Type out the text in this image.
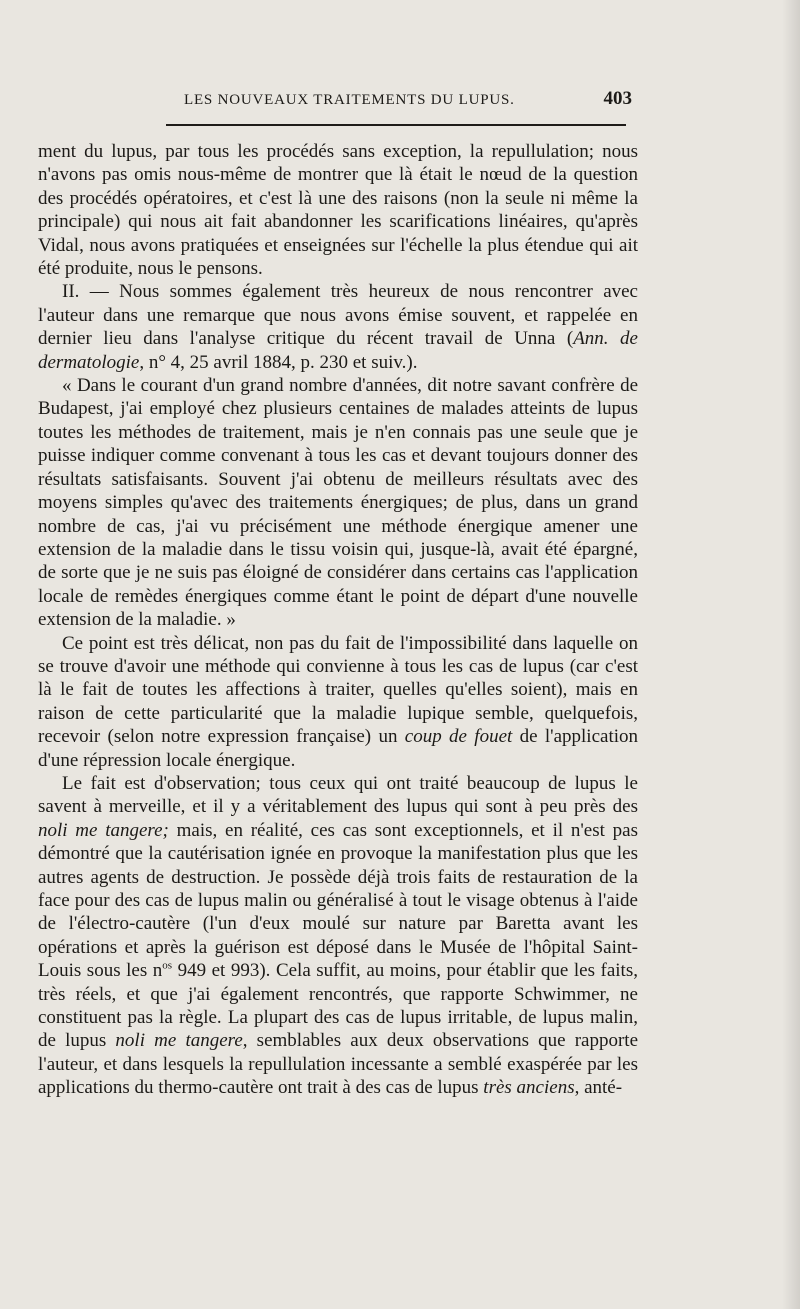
LES NOUVEAUX TRAITEMENTS DU LUPUS.	403

ment du lupus, par tous les procédés sans exception, la repullulation; nous n'avons pas omis nous-même de montrer que là était le nœud de la question des procédés opératoires, et c'est là une des raisons (non la seule ni même la principale) qui nous ait fait abandonner les scarifications linéaires, qu'après Vidal, nous avons pratiquées et enseignées sur l'échelle la plus étendue qui ait été produite, nous le pensons.

II. — Nous sommes également très heureux de nous rencontrer avec l'auteur dans une remarque que nous avons émise souvent, et rappelée en dernier lieu dans l'analyse critique du récent travail de Unna (Ann. de dermatologie, n° 4, 25 avril 1884, p. 230 et suiv.).

« Dans le courant d'un grand nombre d'années, dit notre savant confrère de Budapest, j'ai employé chez plusieurs centaines de malades atteints de lupus toutes les méthodes de traitement, mais je n'en connais pas une seule que je puisse indiquer comme convenant à tous les cas et devant toujours donner des résultats satisfaisants. Souvent j'ai obtenu de meilleurs résultats avec des moyens simples qu'avec des traitements énergiques; de plus, dans un grand nombre de cas, j'ai vu précisément une méthode énergique amener une extension de la maladie dans le tissu voisin qui, jusque-là, avait été épargné, de sorte que je ne suis pas éloigné de considérer dans certains cas l'application locale de remèdes énergiques comme étant le point de départ d'une nouvelle extension de la maladie. »

Ce point est très délicat, non pas du fait de l'impossibilité dans laquelle on se trouve d'avoir une méthode qui convienne à tous les cas de lupus (car c'est là le fait de toutes les affections à traiter, quelles qu'elles soient), mais en raison de cette particularité que la maladie lupique semble, quelquefois, recevoir (selon notre expression française) un coup de fouet de l'application d'une répression locale énergique.

Le fait est d'observation; tous ceux qui ont traité beaucoup de lupus le savent à merveille, et il y a véritablement des lupus qui sont à peu près des noli me tangere; mais, en réalité, ces cas sont exceptionnels, et il n'est pas démontré que la cautérisation ignée en provoque la manifestation plus que les autres agents de destruction. Je possède déjà trois faits de restauration de la face pour des cas de lupus malin ou généralisé à tout le visage obtenus à l'aide de l'électro-cautère (l'un d'eux moulé sur nature par Baretta avant les opérations et après la guérison est déposé dans le Musée de l'hôpital Saint-Louis sous les $n^{os}$ 949 et 993). Cela suffit, au moins, pour établir que les faits, très réels, et que j'ai également rencontrés, que rapporte Schwimmer, ne constituent pas la règle. La plupart des cas de lupus irritable, de lupus malin, de lupus noli me tangere, semblables aux deux observations que rapporte l'auteur, et dans lesquels la repullulation incessante a semblé exaspérée par les applications du thermo-cautère ont trait à des cas de lupus très anciens, anté-
